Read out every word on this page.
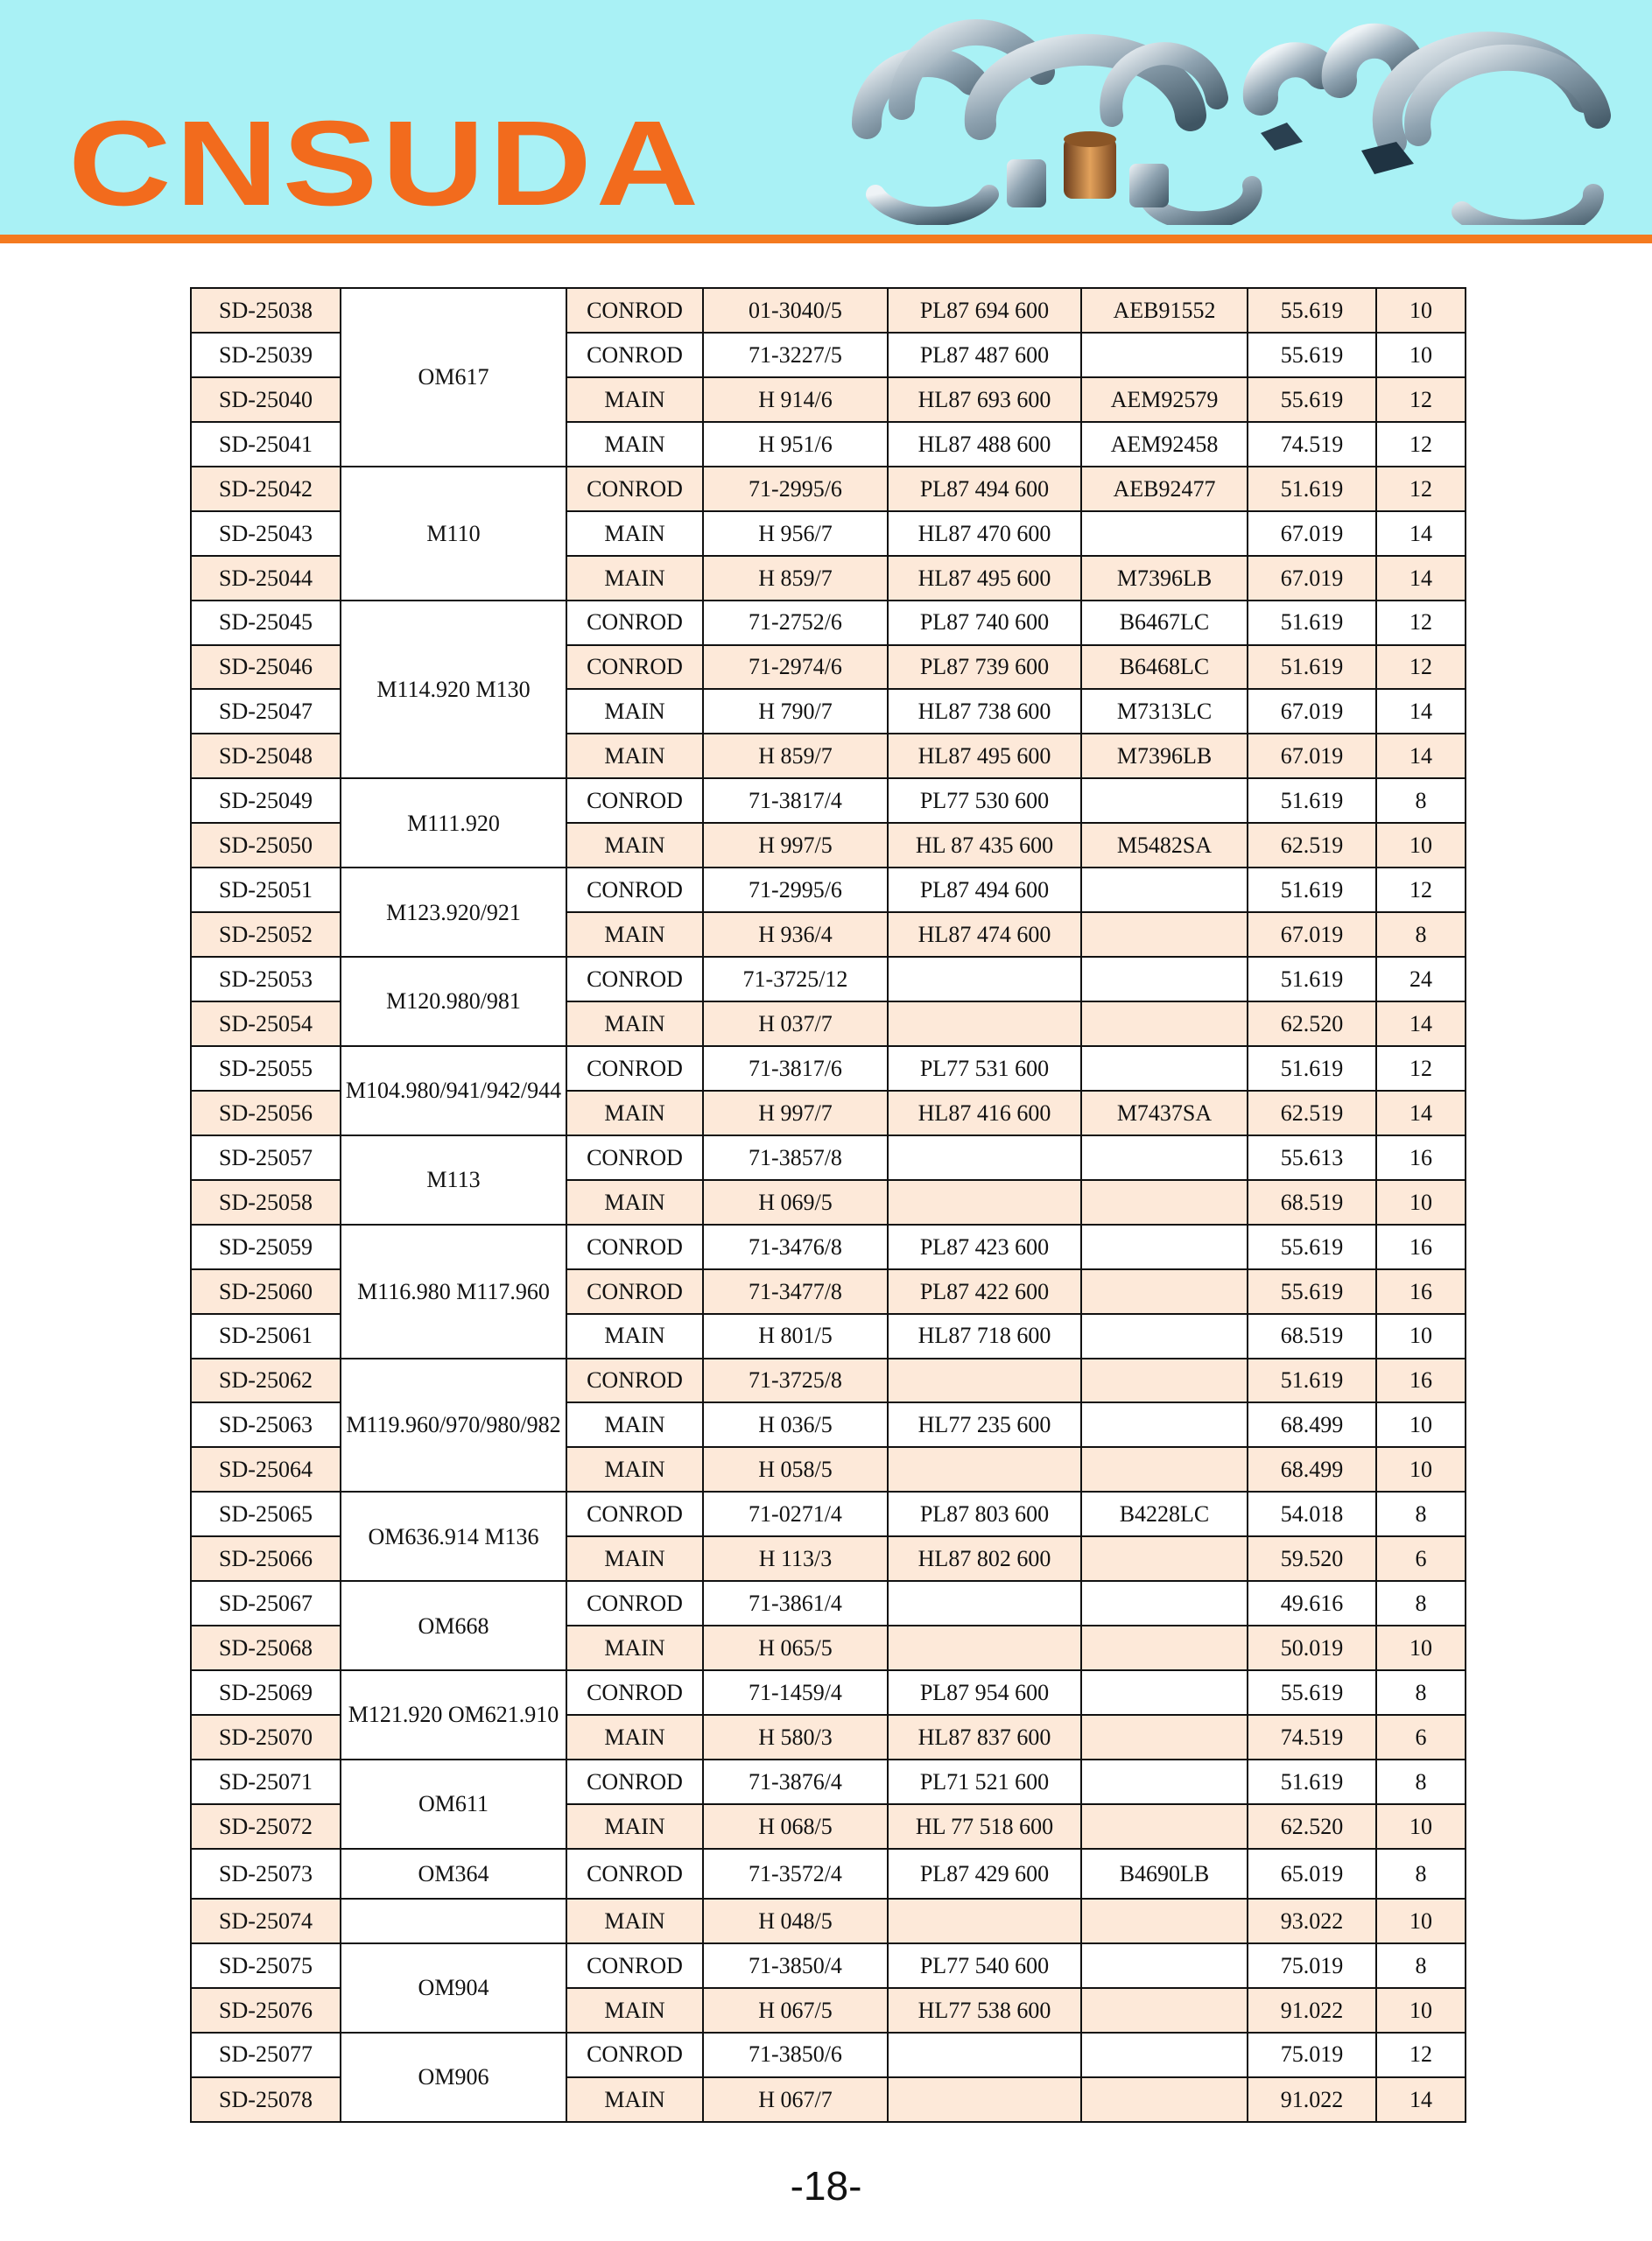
CNSUDA
SD-25038	OM617	CONROD	01-3040/5	PL87 694 600	AEB91552	55.619	10
SD-25039		CONROD	71-3227/5	PL87 487 600		55.619	10
SD-25040		MAIN	H 914/6	HL87 693 600	AEM92579	55.619	12
SD-25041		MAIN	H 951/6	HL87 488 600	AEM92458	74.519	12
SD-25042	M110	CONROD	71-2995/6	PL87 494 600	AEB92477	51.619	12
SD-25043		MAIN	H 956/7	HL87 470 600		67.019	14
SD-25044		MAIN	H 859/7	HL87 495 600	M7396LB	67.019	14
SD-25045	M114.920 M130	CONROD	71-2752/6	PL87 740 600	B6467LC	51.619	12
SD-25046		CONROD	71-2974/6	PL87 739 600	B6468LC	51.619	12
SD-25047		MAIN	H 790/7	HL87 738 600	M7313LC	67.019	14
SD-25048		MAIN	H 859/7	HL87 495 600	M7396LB	67.019	14
SD-25049	M111.920	CONROD	71-3817/4	PL77 530 600		51.619	8
SD-25050		MAIN	H 997/5	HL 87 435 600	M5482SA	62.519	10
SD-25051	M123.920/921	CONROD	71-2995/6	PL87 494 600		51.619	12
SD-25052		MAIN	H 936/4	HL87 474 600		67.019	8
SD-25053	M120.980/981	CONROD	71-3725/12			51.619	24
SD-25054		MAIN	H 037/7			62.520	14
SD-25055	M104.980/941/942/944	CONROD	71-3817/6	PL77 531 600		51.619	12
SD-25056		MAIN	H 997/7	HL87 416 600	M7437SA	62.519	14
SD-25057	M113	CONROD	71-3857/8			55.613	16
SD-25058		MAIN	H 069/5			68.519	10
SD-25059	M116.980 M117.960	CONROD	71-3476/8	PL87 423 600		55.619	16
SD-25060		CONROD	71-3477/8	PL87 422 600		55.619	16
SD-25061		MAIN	H 801/5	HL87 718 600		68.519	10
SD-25062	M119.960/970/980/982	CONROD	71-3725/8			51.619	16
SD-25063		MAIN	H 036/5	HL77 235 600		68.499	10
SD-25064		MAIN	H 058/5			68.499	10
SD-25065	OM636.914 M136	CONROD	71-0271/4	PL87 803 600	B4228LC	54.018	8
SD-25066		MAIN	H 113/3	HL87 802 600		59.520	6
SD-25067	OM668	CONROD	71-3861/4			49.616	8
SD-25068		MAIN	H 065/5			50.019	10
SD-25069	M121.920 OM621.910	CONROD	71-1459/4	PL87 954 600		55.619	8
SD-25070		MAIN	H 580/3	HL87 837 600		74.519	6
SD-25071	OM611	CONROD	71-3876/4	PL71 521 600		51.619	8
SD-25072		MAIN	H 068/5	HL 77 518 600		62.520	10
SD-25073	OM364	CONROD	71-3572/4	PL87 429 600	B4690LB	65.019	8
SD-25074		MAIN	H 048/5			93.022	10
SD-25075	OM904	CONROD	71-3850/4	PL77 540 600		75.019	8
SD-25076		MAIN	H 067/5	HL77 538 600		91.022	10
SD-25077	OM906	CONROD	71-3850/6			75.019	12
SD-25078		MAIN	H 067/7			91.022	14
-18-
